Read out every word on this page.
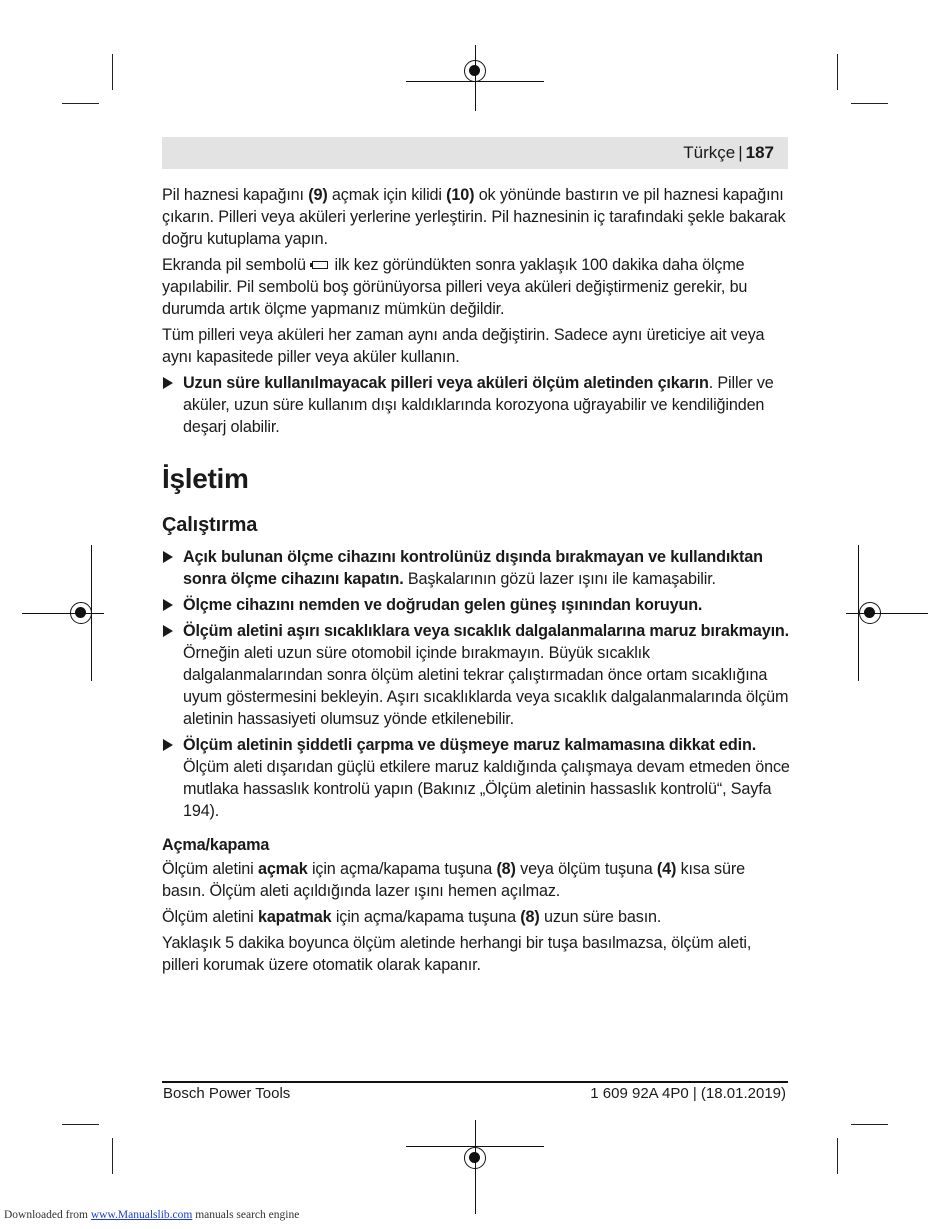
Türkçe | 187

Pil haznesi kapağını (9) açmak için kilidi (10) ok yönünde bastırın ve pil haznesi kapağını çıkarın. Pilleri veya aküleri yerlerine yerleştirin. Pil haznesinin iç tarafındaki şekle bakarak doğru kutuplama yapın.

Ekranda pil sembolü  ilk kez göründükten sonra yaklaşık 100 dakika daha ölçme yapılabilir. Pil sembolü boş görünüyorsa pilleri veya aküleri değiştirmeniz gerekir, bu durumda artık ölçme yapmanız mümkün değildir.

Tüm pilleri veya aküleri her zaman aynı anda değiştirin. Sadece aynı üreticiye ait veya aynı kapasitede piller veya aküler kullanın.

Uzun süre kullanılmayacak pilleri veya aküleri ölçüm aletinden çıkarın. Piller ve aküler, uzun süre kullanım dışı kaldıklarında korozyona uğrayabilir ve kendiliğinden deşarj olabilir.
İşletim
Çalıştırma
Açık bulunan ölçme cihazını kontrolünüz dışında bırakmayan ve kullandıktan sonra ölçme cihazını kapatın. Başkalarının gözü lazer ışını ile kamaşabilir.
Ölçme cihazını nemden ve doğrudan gelen güneş ışınından koruyun.
Ölçüm aletini aşırı sıcaklıklara veya sıcaklık dalgalanmalarına maruz bırakmayın. Örneğin aleti uzun süre otomobil içinde bırakmayın. Büyük sıcaklık dalgalanmalarından sonra ölçüm aletini tekrar çalıştırmadan önce ortam sıcaklığına uyum göstermesini bekleyin. Aşırı sıcaklıklarda veya sıcaklık dalgalanmalarında ölçüm aletinin hassasiyeti olumsuz yönde etkilenebilir.
Ölçüm aletinin şiddetli çarpma ve düşmeye maruz kalmamasına dikkat edin. Ölçüm aleti dışarıdan güçlü etkilere maruz kaldığında çalışmaya devam etmeden önce mutlaka hassaslık kontrolü yapın (Bakınız „Ölçüm aletinin hassaslık kontrolü“, Sayfa 194).
Açma/kapama

Ölçüm aletini açmak için açma/kapama tuşuna (8) veya ölçüm tuşuna (4) kısa süre basın. Ölçüm aleti açıldığında lazer ışını hemen açılmaz.

Ölçüm aletini kapatmak için açma/kapama tuşuna (8) uzun süre basın.

Yaklaşık 5 dakika boyunca ölçüm aletinde herhangi bir tuşa basılmazsa, ölçüm aleti, pilleri korumak üzere otomatik olarak kapanır.

Bosch Power Tools	1 609 92A 4P0 | (18.01.2019)
Downloaded from www.Manualslib.com manuals search engine
